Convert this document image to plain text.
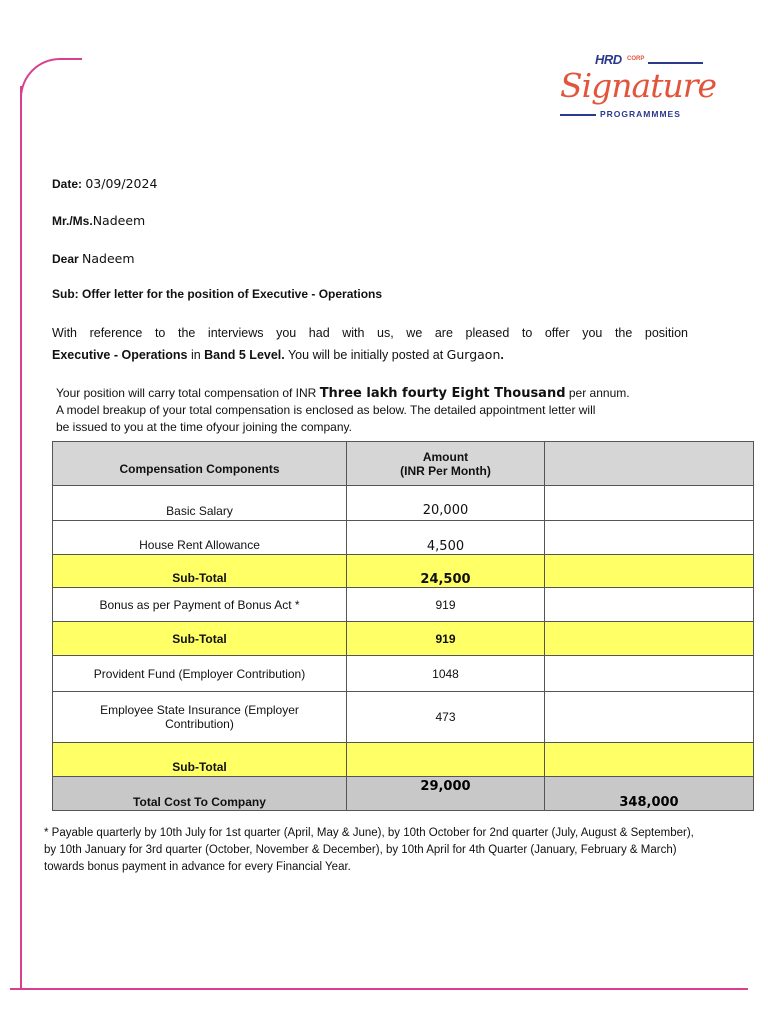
HRD CORP
Signature
PROGRAMMMES
Date: 03/09/2024
Mr./Ms.Nadeem
Dear Nadeem
Sub: Offer letter for the position of Executive - Operations
With reference to the interviews you had with us, we are pleased to offer you the position
Executive - Operations in Band 5 Level. You will be initially posted at Gurgaon.
Your position will carry total compensation of INR Three lakh fourty Eight Thousand per annum.
A model breakup of your total compensation is enclosed as below. The detailed appointment letter will
be issued to you at the time ofyour joining the company.
Compensation Components	Amount
(INR Per Month)	

Basic Salary	20,000	
House Rent Allowance	4,500	
Sub-Total	24,500	
Bonus as per Payment of Bonus Act *	919	
Sub-Total	919	
Provident Fund (Employer Contribution)	1048	
Employee State Insurance (Employer Contribution)	473	
Sub-Total		
Total Cost To Company	29,000	348,000
* Payable quarterly by 10th July for 1st quarter (April, May & June), by 10th October for 2nd quarter (July, August & September), by 10th January for 3rd quarter (October, November & December), by 10th April for 4th Quarter (January, February & March) towards bonus payment in advance for every Financial Year.
